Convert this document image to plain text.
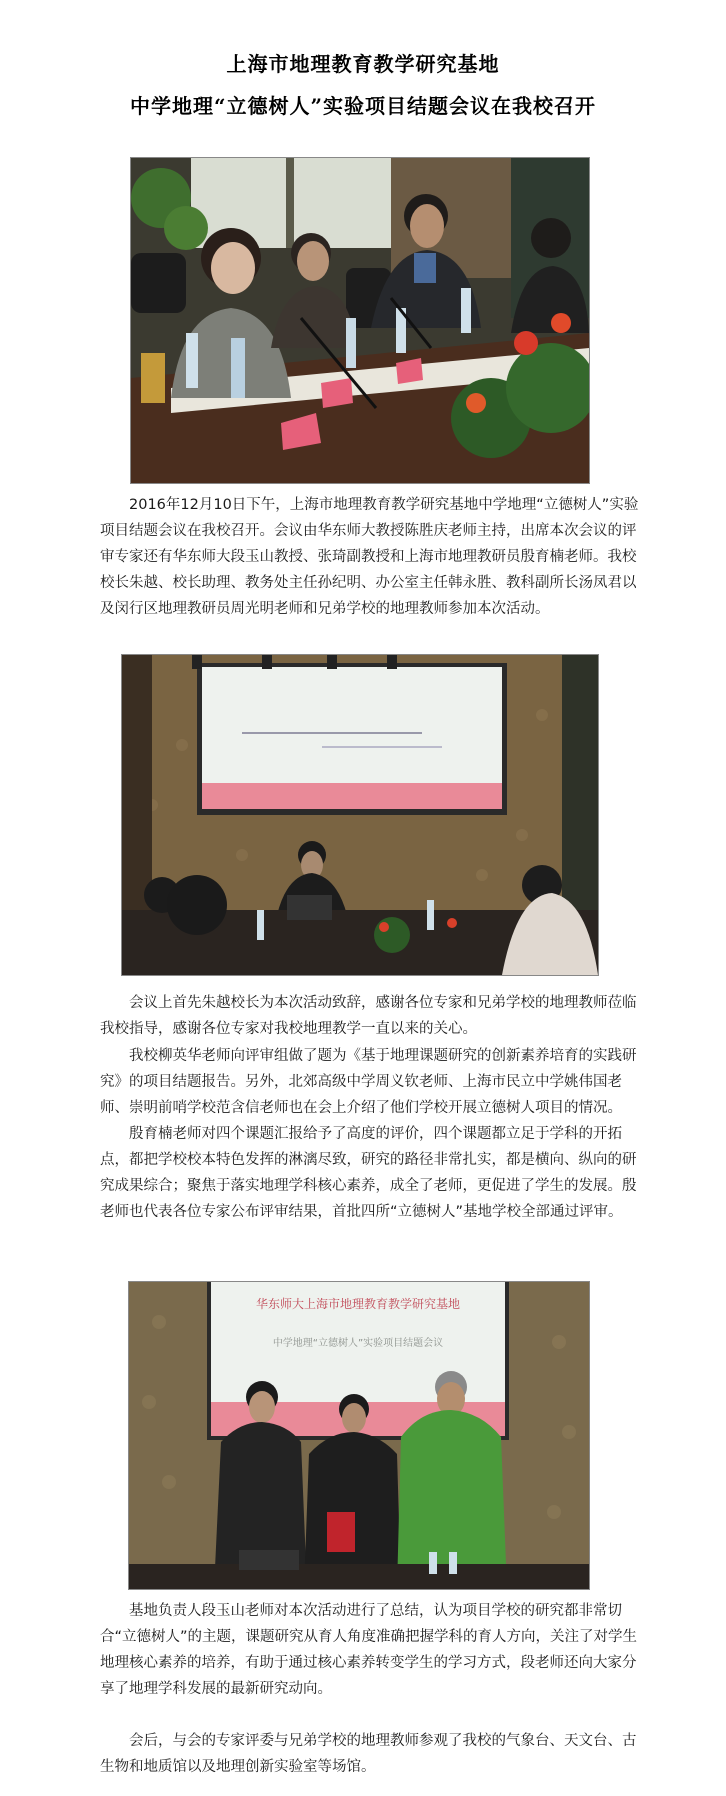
上海市地理教育教学研究基地
中学地理“立德树人”实验项目结题会议在我校召开

2016年12月10日下午，上海市地理教育教学研究基地中学地理“立德树人”实验项目结题会议在我校召开。会议由华东师大教授陈胜庆老师主持，出席本次会议的评审专家还有华东师大段玉山教授、张琦副教授和上海市地理教研员殷育楠老师。我校校长朱越、校长助理、教务处主任孙纪明、办公室主任韩永胜、教科副所长汤凤君以及闵行区地理教研员周光明老师和兄弟学校的地理教师参加本次活动。

会议上首先朱越校长为本次活动致辞，感谢各位专家和兄弟学校的地理教师莅临我校指导，感谢各位专家对我校地理教学一直以来的关心。

我校柳英华老师向评审组做了题为《基于地理课题研究的创新素养培育的实践研究》的项目结题报告。另外，北郊高级中学周义钦老师、上海市民立中学姚伟国老师、崇明前哨学校范含信老师也在会上介绍了他们学校开展立德树人项目的情况。

殷育楠老师对四个课题汇报给予了高度的评价，四个课题都立足于学科的开拓点，都把学校校本特色发挥的淋漓尽致，研究的路径非常扎实，都是横向、纵向的研究成果综合；聚焦于落实地理学科核心素养，成全了老师，更促进了学生的发展。殷老师也代表各位专家公布评审结果，首批四所“立德树人”基地学校全部通过评审。

华东师大上海市地理教育教学研究基地
中学地理“立德树人”实验项目结题会议

基地负责人段玉山老师对本次活动进行了总结，认为项目学校的研究都非常切合“立德树人”的主题，课题研究从育人角度准确把握学科的育人方向，关注了对学生地理核心素养的培养，有助于通过核心素养转变学生的学习方式，段老师还向大家分享了地理学科发展的最新研究动向。

会后，与会的专家评委与兄弟学校的地理教师参观了我校的气象台、天文台、古生物和地质馆以及地理创新实验室等场馆。
